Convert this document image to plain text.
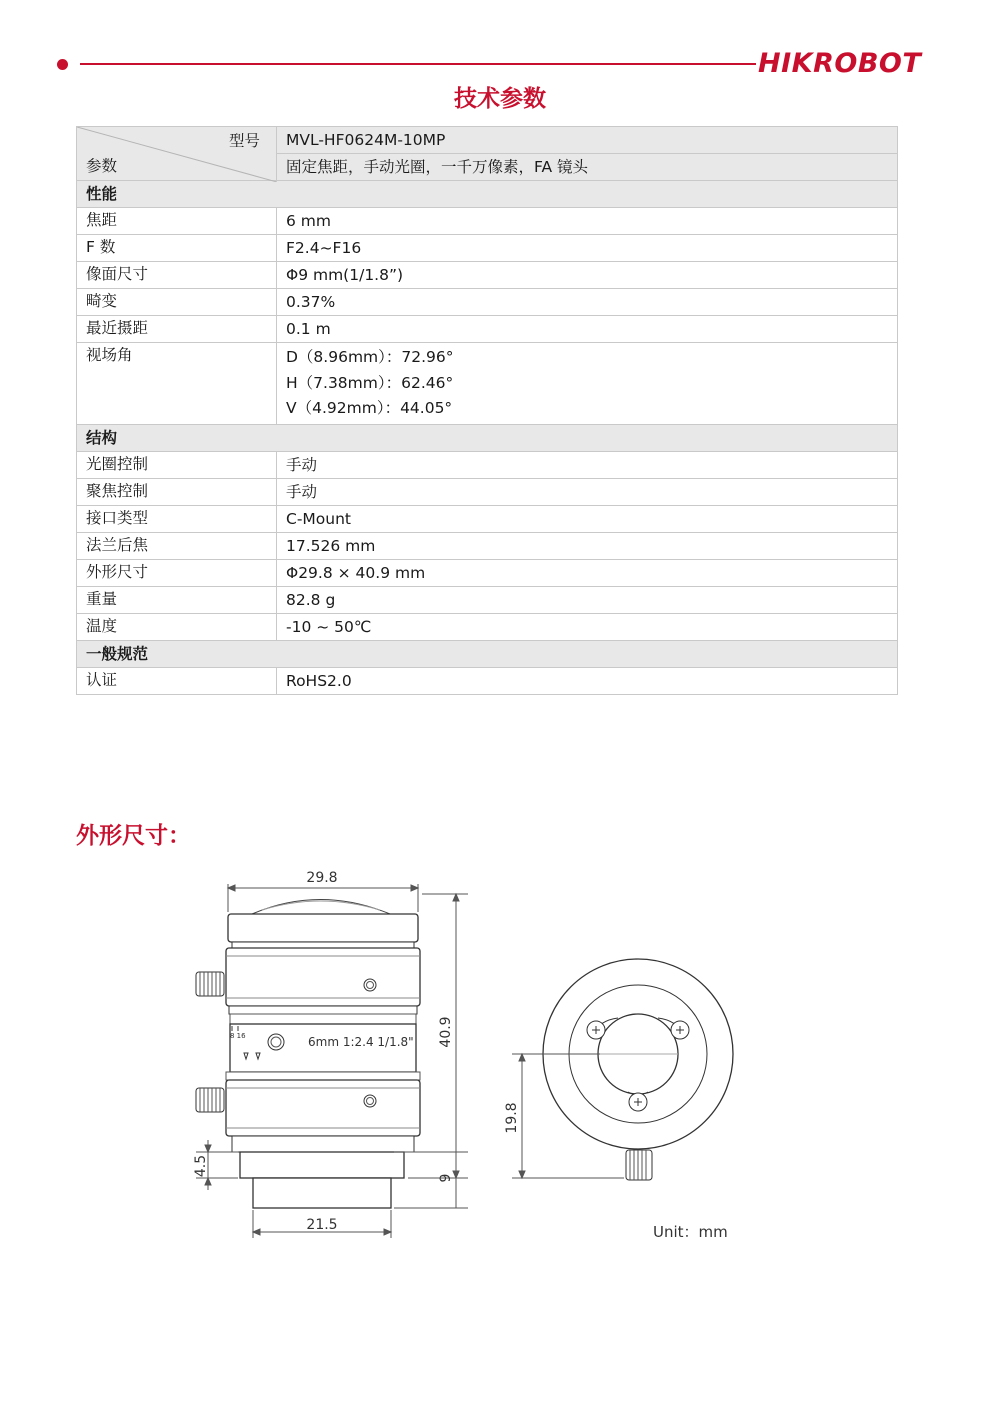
HIKROBOT
技术参数
型号
参数	MVL-HF0624M-10MP
	固定焦距，手动光圈，一千万像素，FA 镜头
性能	
焦距	6 mm
F 数	F2.4~F16
像面尺寸	Φ9 mm(1/1.8”)
畸变	0.37%
最近摄距	0.1 m
视场角	D（8.96mm）：72.96°
H（7.38mm）：62.46°
V（4.92mm）：44.05°

结构	
光圈控制	手动
聚焦控制	手动
接口类型	C-Mount
法兰后焦	17.526 mm
外形尺寸	Φ29.8 × 40.9 mm
重量	82.8 g
温度	-10 ~ 50℃
一般规范	
认证	RoHS2.0
外形尺寸：
6mm 1:2.4 1/1.8"
8 16
29.8
40.9
4.5
9
21.5
19.8
Unit：mm
